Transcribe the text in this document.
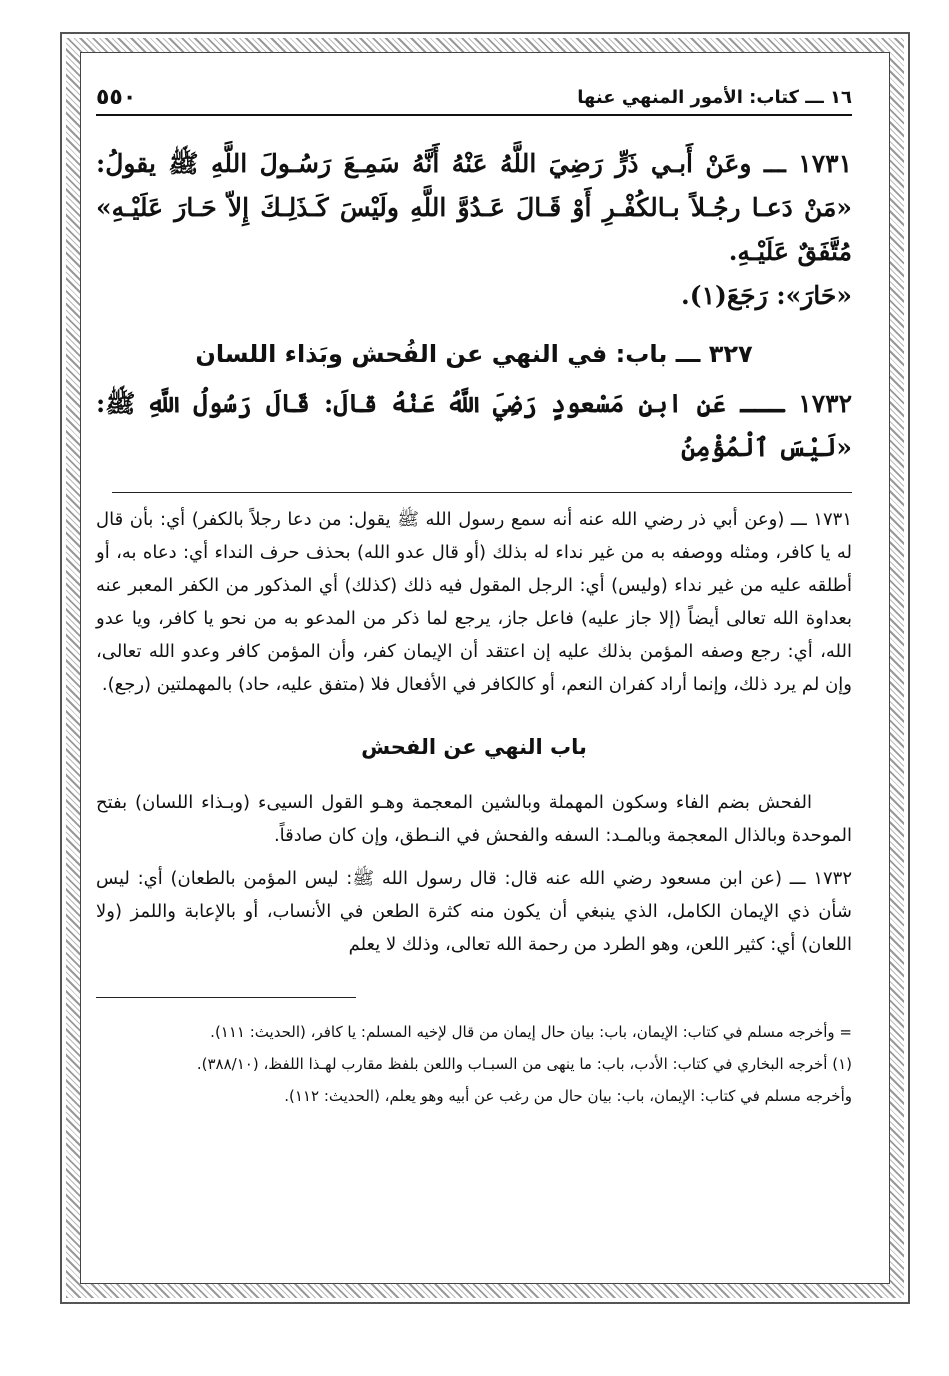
١٦ ـــ كتاب: الأمور المنهي عنها
٥٥٠

١٧٣١ ـــ وعَنْ أَبـي ذَرٍّ رَضِيَ اللَّهُ عَنْهُ أَنَّهُ سَمِـعَ رَسُـولَ اللَّهِ ﷺ يقولُ: «مَنْ دَعـا رجُـلاً بـالكُفْـرِ أَوْ قَـالَ عَـدُوَّ اللَّهِ ولَيْسَ كَـذَلِـكَ إِلاّ حَـارَ عَلَيْـهِ» مُتَّفَقٌ عَلَيْـهِ.

«حَارَ»: رَجَعَ(١).

٣٢٧ ـــ باب: في النهي عن الفُحش وبَذاء اللسان

١٧٣٢ ـــ عَنِ ابنِ مَسْعودٍ رَضِيَ اللَّهُ عَنْهُ قالَ: قَالَ رَسُولُ اللَّهِ ﷺ: «لَيْسَ ٱلْمُؤْمِنُ

١٧٣١ ـــ (وعن أبي ذر رضي الله عنه أنه سمع رسول الله ﷺ يقول: من دعا رجلاً بالكفر) أي: بأن قال له يا كافر، ومثله ووصفه به من غير نداء له بذلك (أو قال عدو الله) بحذف حرف النداء أي: دعاه به، أو أطلقه عليه من غير نداء (وليس) أي: الرجل المقول فيه ذلك (كذلك) أي المذكور من الكفر المعبر عنه بعداوة الله تعالى أيضاً (إلا جاز عليه) فاعل جاز، يرجع لما ذكر من المدعو به من نحو يا كافر، ويا عدو الله، أي: رجع وصفه المؤمن بذلك عليه إن اعتقد أن الإيمان كفر، وأن المؤمن كافر وعدو الله تعالى، وإن لم يرد ذلك، وإنما أراد كفران النعم، أو كالكافر في الأفعال فلا (متفق عليه، حاد) بالمهملتين (رجع).

باب النهي عن الفحش

الفحش بضم الفاء وسكون المهملة وبالشين المعجمة وهـو القول السيىء (وبـذاء اللسان) بفتح الموحدة وبالذال المعجمة وبالمـد: السفه والفحش في النـطق، وإن كان صادقاً.

١٧٣٢ ـــ (عن ابن مسعود رضي الله عنه قال: قال رسول الله ﷺ: ليس المؤمن بالطعان) أي: ليس شأن ذي الإيمان الكامل، الذي ينبغي أن يكون منه كثرة الطعن في الأنساب، أو بالإعابة واللمز (ولا اللعان) أي: كثير اللعن، وهو الطرد من رحمة الله تعالى، وذلك لا يعلم

= وأخرجه مسلم في كتاب: الإيمان، باب: بيان حال إيمان من قال لإخيه المسلم: يا كافر، (الحديث: ١١١).

(١) أخرجه البخاري في كتاب: الأدب، باب: ما ينهى من السبـاب واللعن بلفظ مقارب لهـذا اللفظ، (٣٨٨/١٠).

وأخرجه مسلم في كتاب: الإيمان، باب: بيان حال من رغب عن أبيه وهو يعلم، (الحديث: ١١٢).
